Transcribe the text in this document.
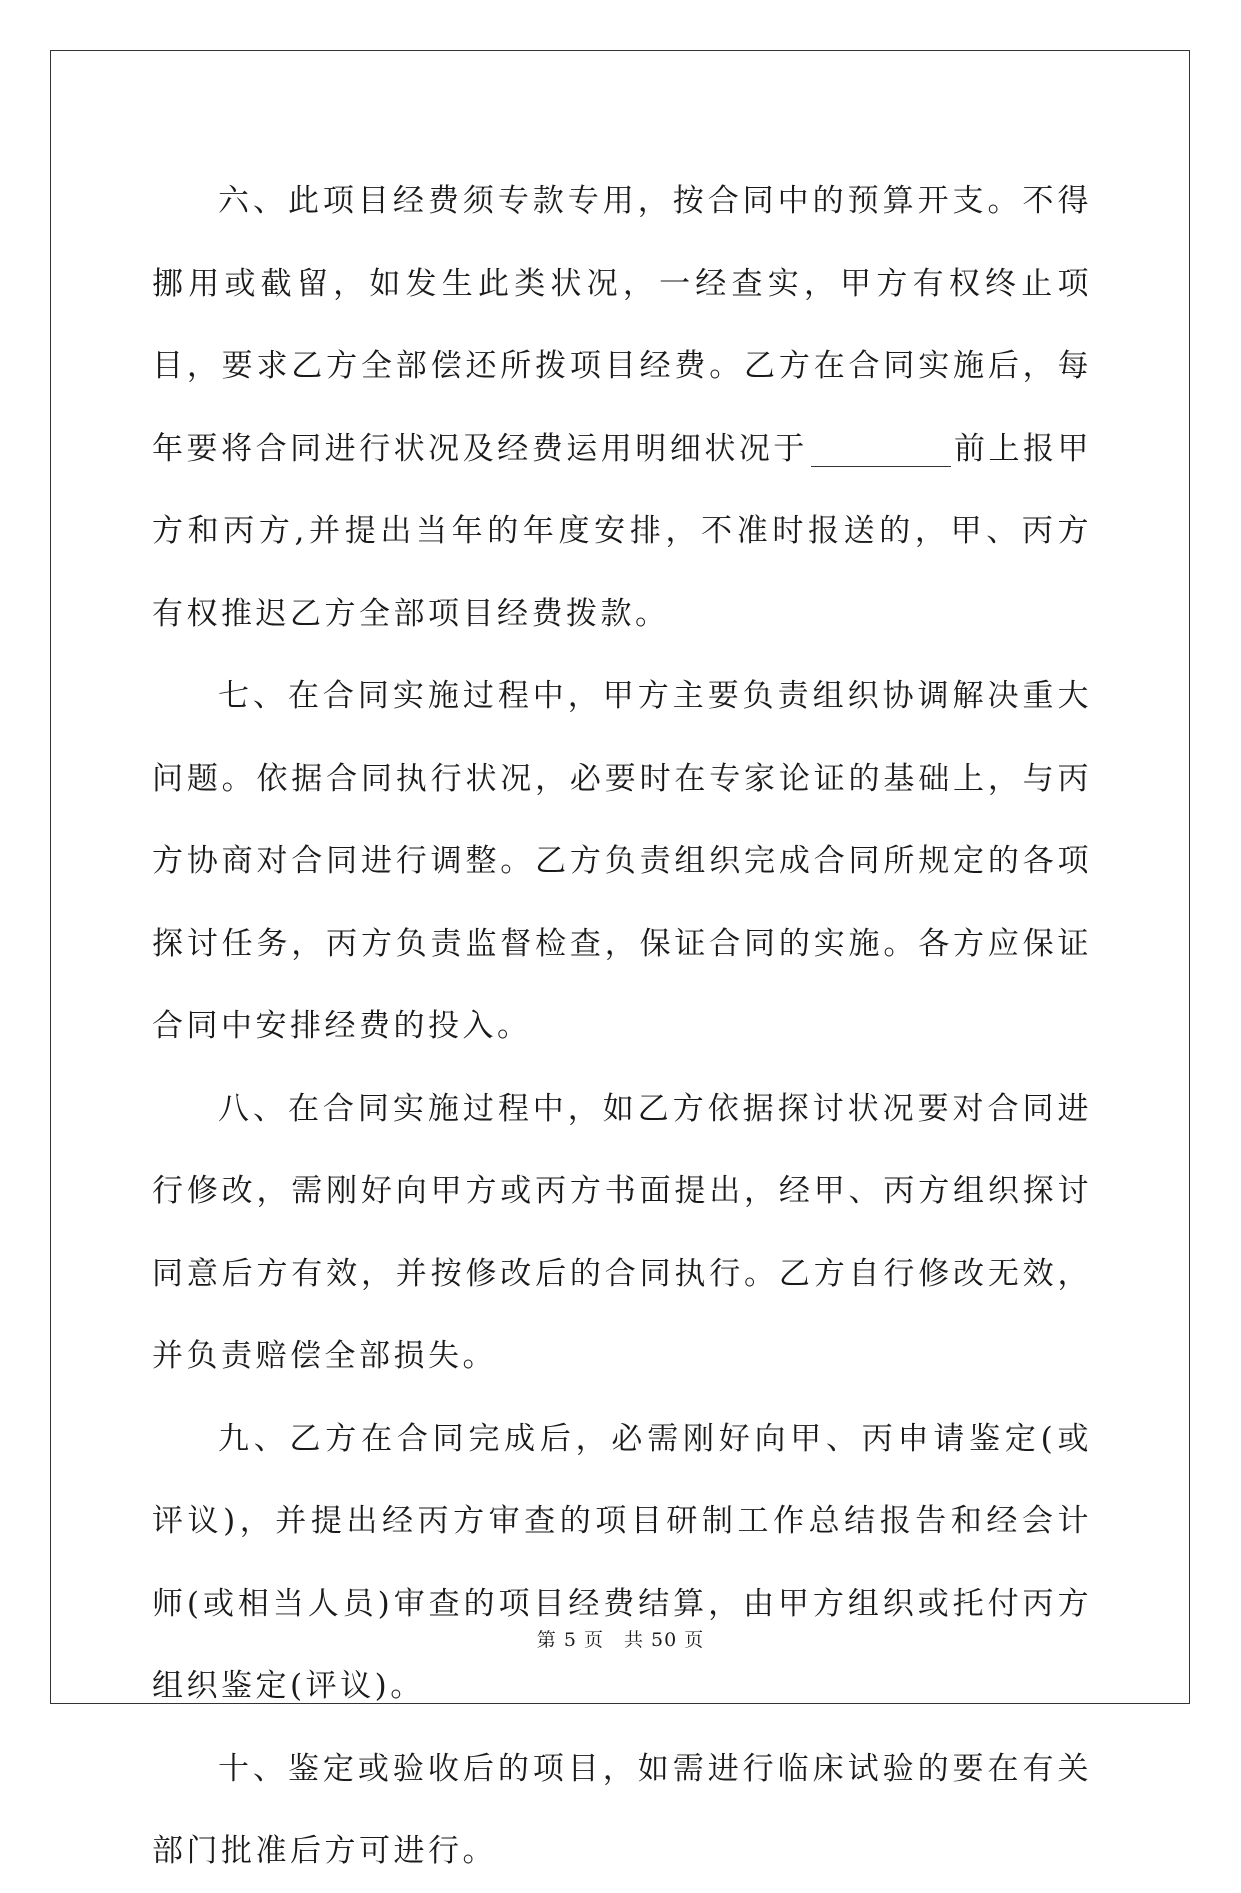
六、此项目经费须专款专用，按合同中的预算开支。不得挪用或截留，如发生此类状况，一经查实，甲方有权终止项目，要求乙方全部偿还所拨项目经费。乙方在合同实施后，每年要将合同进行状况及经费运用明细状况于	前上报甲方和丙方,并提出当年的年度安排，不准时报送的，甲、丙方有权推迟乙方全部项目经费拨款。

七、在合同实施过程中，甲方主要负责组织协调解决重大问题。依据合同执行状况，必要时在专家论证的基础上，与丙方协商对合同进行调整。乙方负责组织完成合同所规定的各项探讨任务，丙方负责监督检查，保证合同的实施。各方应保证合同中安排经费的投入。

八、在合同实施过程中，如乙方依据探讨状况要对合同进行修改，需刚好向甲方或丙方书面提出，经甲、丙方组织探讨同意后方有效，并按修改后的合同执行。乙方自行修改无效，并负责赔偿全部损失。

九、乙方在合同完成后，必需刚好向甲、丙申请鉴定(或评议)，并提出经丙方审查的项目研制工作总结报告和经会计师(或相当人员)审查的项目经费结算，由甲方组织或托付丙方组织鉴定(评议)。

十、鉴定或验收后的项目，如需进行临床试验的要在有关部门批准后方可进行。

第 5 页 共 50 页
